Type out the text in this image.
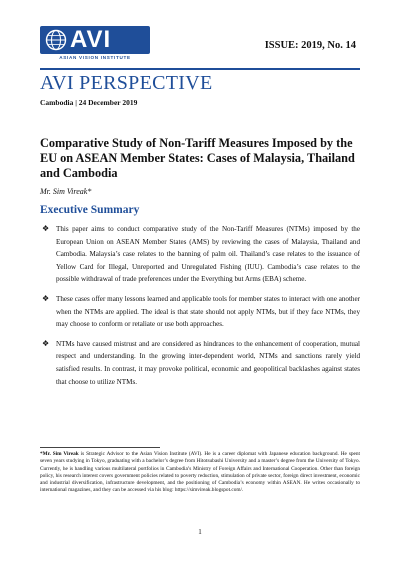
AVI
ASIAN VISION INSTITUTE
ISSUE: 2019, No. 14
AVI PERSPECTIVE
Cambodia | 24 December 2019
Comparative Study of Non-Tariff Measures Imposed by the EU on ASEAN Member States: Cases of Malaysia, Thailand and Cambodia
Mr. Sim Vireak*
Executive Summary
❖ This paper aims to conduct comparative study of the Non-Tariff Measures (NTMs) imposed by the European Union on ASEAN Member States (AMS) by reviewing the cases of Malaysia, Thailand and Cambodia. Malaysia’s case relates to the banning of palm oil. Thailand’s case relates to the issuance of Yellow Card for Illegal, Unreported and Unregulated Fishing (IUU). Cambodia’s case relates to the possible withdrawal of trade preferences under the Everything but Arms (EBA) scheme.
❖ These cases offer many lessons learned and applicable tools for member states to interact with one another when the NTMs are applied. The ideal is that state should not apply NTMs, but if they face NTMs, they may choose to conform or retaliate or use both approaches.
❖ NTMs have caused mistrust and are considered as hindrances to the enhancement of cooperation, mutual respect and understanding. In the growing inter-dependent world, NTMs and sanctions rarely yield satisfied results. In contrast, it may provoke political, economic and geopolitical backlashes against states that choose to utilize NTMs.
*Mr. Sim Vireak is Strategic Advisor to the Asian Vision Institute (AVI). He is a career diplomat with Japanese education background. He spent seven years studying in Tokyo, graduating with a bachelor’s degree from Hitotsubashi University and a master’s degree from the University of Tokyo. Currently, he is handling various multilateral portfolios in Cambodia’s Ministry of Foreign Affairs and International Cooperation. Other than foreign policy, his research interest covers government policies related to poverty reduction, stimulation of private sector, foreign direct investment, economic and industrial diversification, infrastructure development, and the positioning of Cambodia’s economy within ASEAN. He writes occasionally to international magazines, and they can be accessed via his blog: https://simvireak.blogspot.com/.
1
